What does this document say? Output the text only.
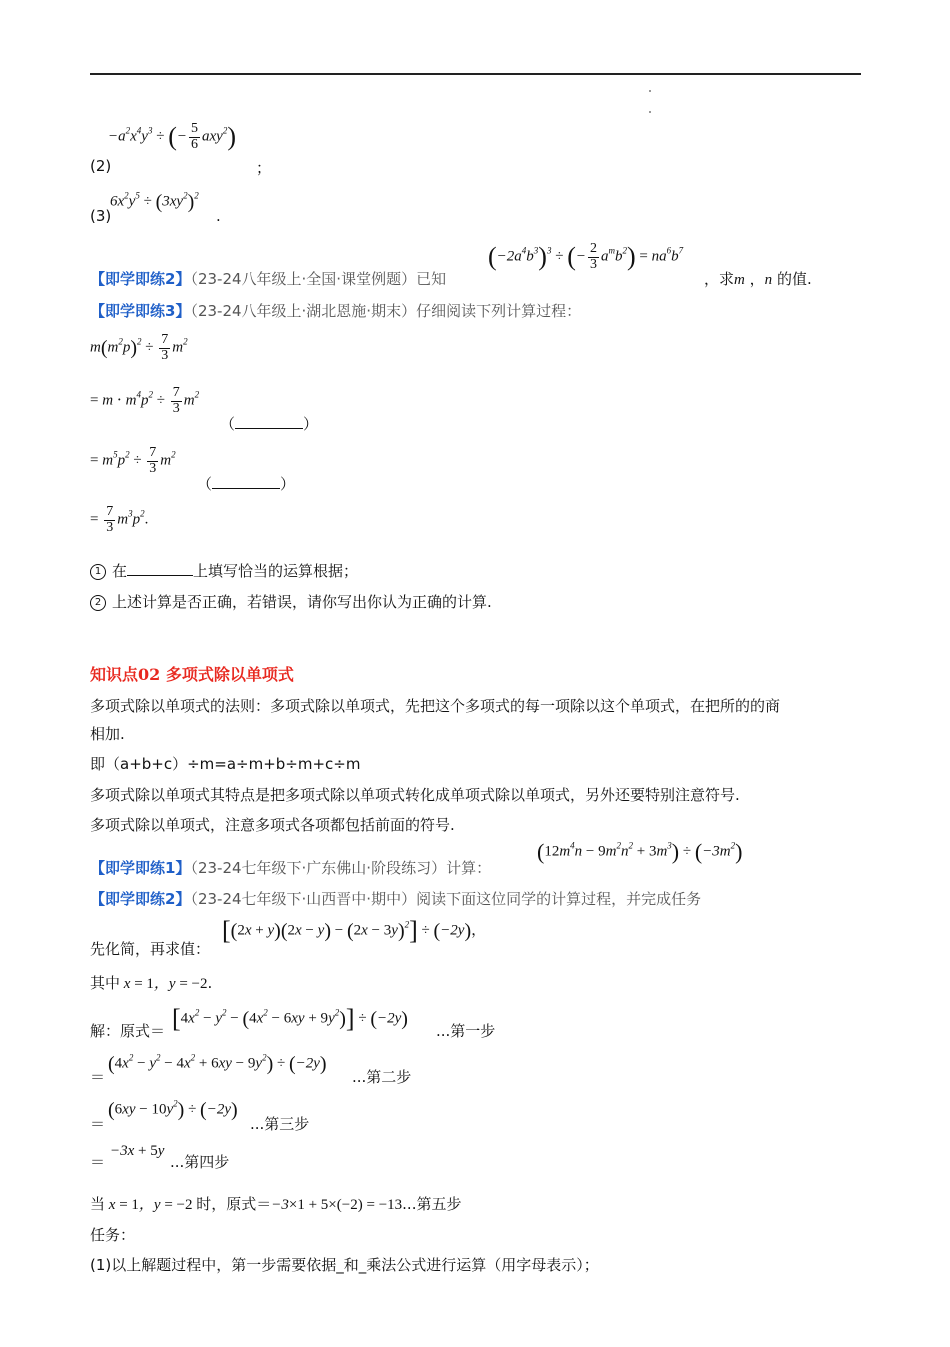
$-a^2x^4y^3$ ÷ (− $\frac{5}{6} axy^2$)
(2)	；
(3)
$6x^2y^5 \div (3xy^2)^2$
.
【即学即练2】（23-24八年级上·全国·课堂例题）已知
$(-2a^4b^3)^3$ ÷ (− $\frac{2}{3} a^mb^2) = na^6b^7$
，求m ，n 的值.
【即学即练3】（23-24八年级上·湖北恩施·期末）仔细阅读下列计算过程：
$m(m^2p)^2 \div \frac{7}{3} m^2$
= $m \cdot m^4p^2 \div \frac{7}{3} m^2$
（	）
= $m^5p^2 \div \frac{7}{3} m^2$
（	）
= $\frac{7}{3} m^3p^2$.
1 在	上填写恰当的运算根据；
2 上述计算是否正确，若错误，请你写出你认为正确的计算.
知识点02 多项式除以单项式
多项式除以单项式的法则：多项式除以单项式，先把这个多项式的每一项除以这个单项式，在把所的的商
相加.
即（a+b+c）÷m=a÷m+b÷m+c÷m
多项式除以单项式其特点是把多项式除以单项式转化成单项式除以单项式，另外还要特别注意符号.
多项式除以单项式，注意多项式各项都包括前面的符号.
【即学即练1】（23-24七年级下·广东佛山·阶段练习）计算：
$(12m^4n - 9m^2n^2 + 3m^3) \div (-3m^2)$
【即学即练2】（23-24七年级下·山西晋中·期中）阅读下面这位同学的计算过程，并完成任务
先化简，再求值：
$[(2x + y)(2x - y) - (2x - 3y)^2] \div (-2y)$，
其中 x = 1，y = −2.
解：原式＝ $[4x^2 - y^2 - (4x^2 - 6xy + 9y^2)] \div (-2y)$
...第一步
＝
$(4x^2 - y^2 - 4x^2 + 6xy - 9y^2) \div (-2y)$
...第二步
＝
$(6xy - 10y^2) \div (-2y)$
...第三步
＝
−3x + 5y
...第四步
当 x = 1，y = −2 时，原式＝−3×1 + 5×(−2) = −13...第五步
任务：
(1)以上解题过程中，第一步需要依据_和_乘法公式进行运算（用字母表示）；
